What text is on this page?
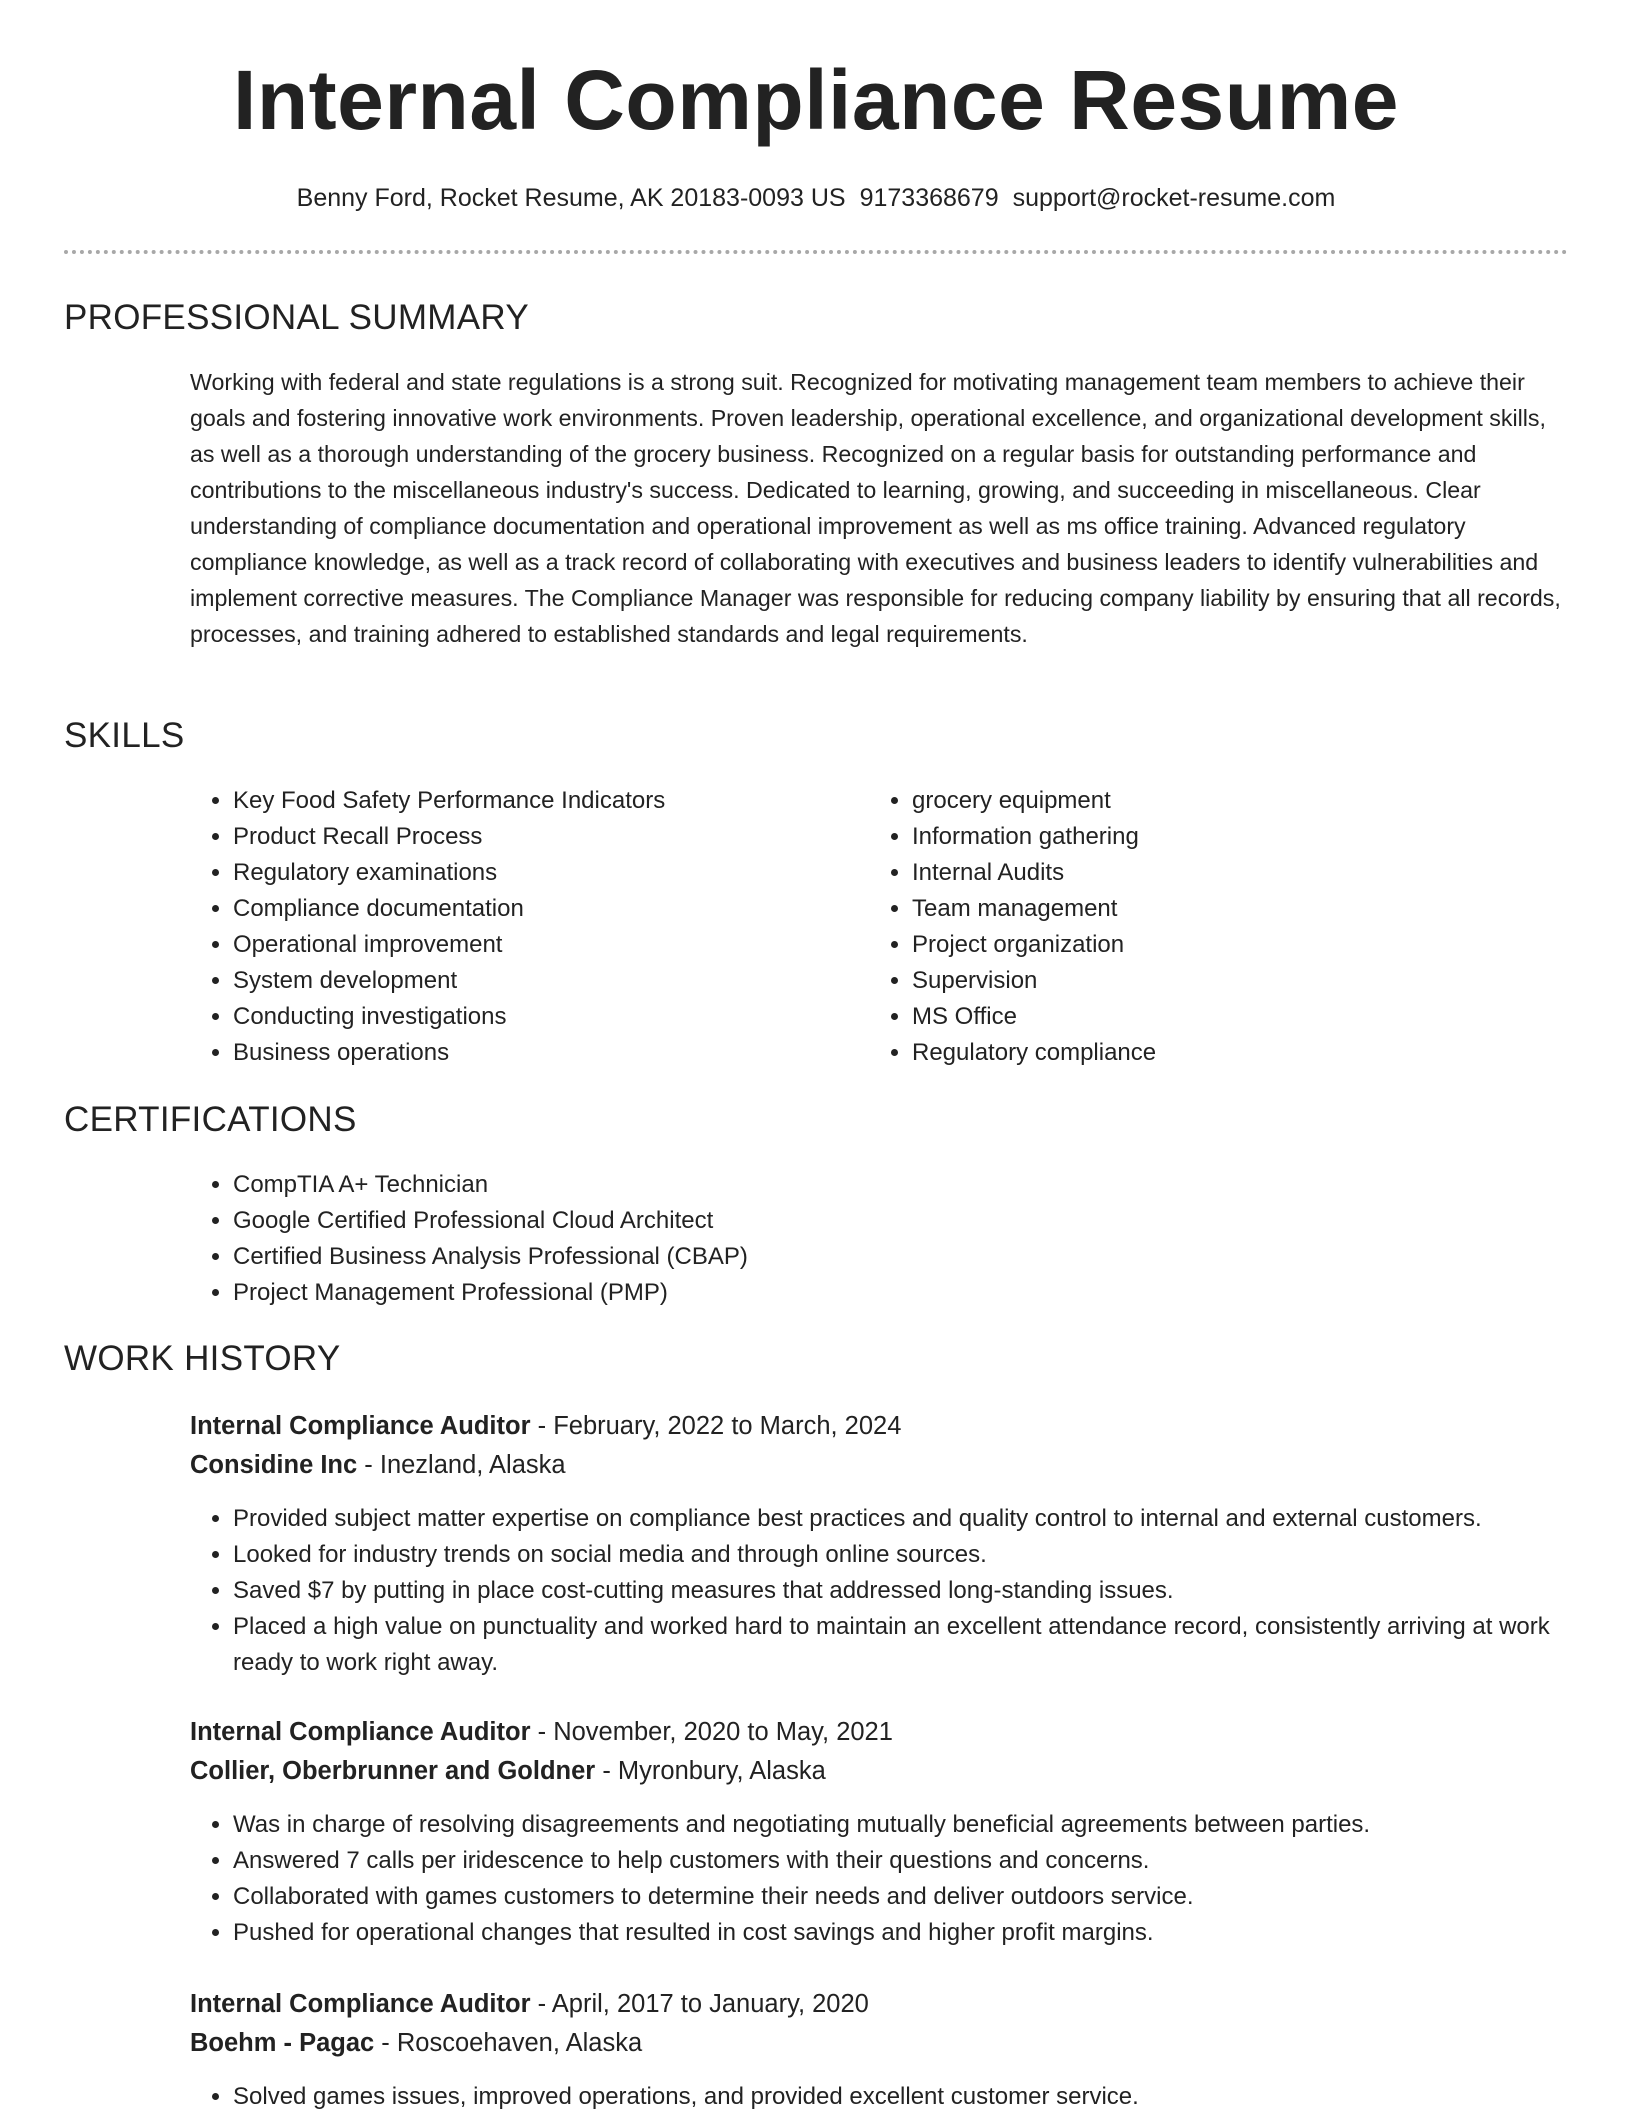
Internal Compliance Resume
Benny Ford, Rocket Resume, AK 20183-0093 US 9173368679 support@rocket-resume.com
PROFESSIONAL SUMMARY

Working with federal and state regulations is a strong suit. Recognized for motivating management team members to achieve their goals and fostering innovative work environments. Proven leadership, operational excellence, and organizational development skills, as well as a thorough understanding of the grocery business. Recognized on a regular basis for outstanding performance and contributions to the miscellaneous industry's success. Dedicated to learning, growing, and succeeding in miscellaneous. Clear understanding of compliance documentation and operational improvement as well as ms office training. Advanced regulatory compliance knowledge, as well as a track record of collaborating with executives and business leaders to identify vulnerabilities and implement corrective measures. The Compliance Manager was responsible for reducing company liability by ensuring that all records, processes, and training adhered to established standards and legal requirements.

SKILLS
• Key Food Safety Performance Indicators
• Product Recall Process
• Regulatory examinations
• Compliance documentation
• Operational improvement
• System development
• Conducting investigations
• Business operations
• grocery equipment
• Information gathering
• Internal Audits
• Team management
• Project organization
• Supervision
• MS Office
• Regulatory compliance
CERTIFICATIONS
• CompTIA A+ Technician
• Google Certified Professional Cloud Architect
• Certified Business Analysis Professional (CBAP)
• Project Management Professional (PMP)
WORK HISTORY
Internal Compliance Auditor - February, 2022 to March, 2024
Considine Inc - Inezland, Alaska
• Provided subject matter expertise on compliance best practices and quality control to internal and external customers.
• Looked for industry trends on social media and through online sources.
• Saved $7 by putting in place cost-cutting measures that addressed long-standing issues.
• Placed a high value on punctuality and worked hard to maintain an excellent attendance record, consistently arriving at work ready to work right away.
Internal Compliance Auditor - November, 2020 to May, 2021
Collier, Oberbrunner and Goldner - Myronbury, Alaska
• Was in charge of resolving disagreements and negotiating mutually beneficial agreements between parties.
• Answered 7 calls per iridescence to help customers with their questions and concerns.
• Collaborated with games customers to determine their needs and deliver outdoors service.
• Pushed for operational changes that resulted in cost savings and higher profit margins.
Internal Compliance Auditor - April, 2017 to January, 2020
Boehm - Pagac - Roscoehaven, Alaska
• Solved games issues, improved operations, and provided excellent customer service.
